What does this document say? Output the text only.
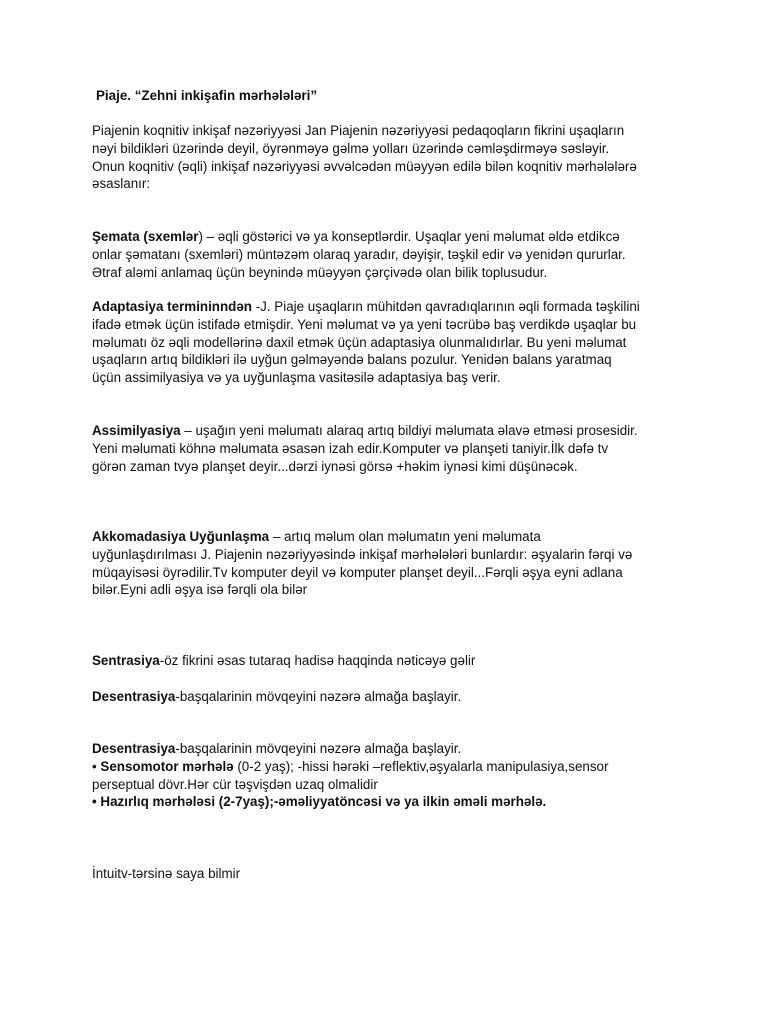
Piaje. “Zehni inkişafin mərhələləri”
Piajenin koqnitiv inkişaf nəzəriyyəsi Jan Piajenin nəzəriyyəsi pedaqoqların fikrini uşaqların
nəyi bildikləri üzərində deyil, öyrənməyə gəlmə yolları üzərində cəmləşdirməyə səsləyir.
Onun koqnitiv (əqli) inkişaf nəzəriyyəsi əvvəlcədən müəyyən edilə bilən koqnitiv mərhələlərə
əsaslanır:
Şemata (sxemlər) – əqli göstərici və ya konseptlərdir. Uşaqlar yeni məlumat əldə etdikcə
onlar şəmatanı (sxemləri) müntəzəm olaraq yaradır, dəyişir, təşkil edir və yenidən qururlar.
Ətraf aləmi anlamaq üçün beynində müəyyən çərçivədə olan bilik toplusudur.
Adaptasiya termininndən -J. Piaje uşaqların mühitdən qavradıqlarının əqli formada təşkilini
ifadə etmək üçün istifadə etmişdir. Yeni məlumat və ya yeni təcrübə baş verdikdə uşaqlar bu
məlumatı öz əqli modellərinə daxil etmək üçün adaptasiya olunmalıdırlar. Bu yeni məlumat
uşaqların artıq bildikləri ilə uyğun gəlməyəndə balans pozulur. Yenidən balans yaratmaq
üçün assimilyasiya və ya uyğunlaşma vasitəsilə adaptasiya baş verir.
Assimilyasiya – uşağın yeni məlumatı alaraq artıq bildiyi məlumata əlavə etməsi prosesidir.
Yeni məlumati köhnə məlumata əsasən izah edir.Komputer və planşeti taniyir.İlk dəfə tv
görən zaman tvyə planşet deyir...dərzi iynəsi görsə +həkim iynəsi kimi düşünəcək.
Akkomadasiya Uyğunlaşma – artıq məlum olan məlumatın yeni məlumata
uyğunlaşdırılması J. Piajenin nəzəriyyəsində inkişaf mərhələləri bunlardır: əşyalarin fərqi və
müqayisəsi öyrədilir.Tv komputer deyil və komputer planşet deyil...Fərqli əşya eyni adlana
bilər.Eyni adli əşya isə fərqli ola bilər
Sentrasiya-öz fikrini əsas tutaraq hadisə haqqinda nəticəyə gəlir
Desentrasiya-başqalarinin mövqeyini nəzərə almağa başlayir.
Desentrasiya-başqalarinin mövqeyini nəzərə almağa başlayir.
• Sensomotor mərhələ (0-2 yaş); -hissi hərəki –reflektiv,əşyalarla manipulasiya,sensor
perseptual dövr.Hər cür təşvişdən uzaq olmalidir
• Hazırlıq mərhələsi (2-7yaş);-əməliyyatöncəsi və ya ilkin əməli mərhələ.
İntuitv-tərsinə saya bilmir
